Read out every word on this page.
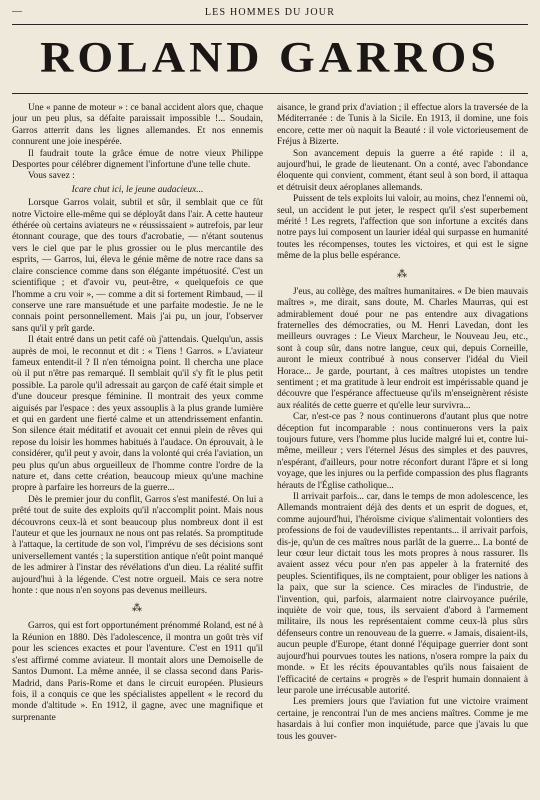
—	LES HOMMES DU JOUR
ROLAND GARROS

Une « panne de moteur » : ce banal accident alors que, chaque jour un peu plus, sa défaite paraissait impossible !... Soudain, Garros atterrit dans les lignes allemandes. Et nos ennemis connurent une joie inespérée.

Il faudrait toute la grâce émue de notre vieux Philippe Desportes pour célébrer dignement l'infortune d'une telle chute.

Vous savez :

Icare chut ici, le jeune audacieux...

Lorsque Garros volait, subtil et sûr, il semblait que ce fût notre Victoire elle-même qui se déployât dans l'air. A cette hauteur éthérée où certains aviateurs ne « réussissaient » autrefois, par leur étonnant courage, que des tours d'acrobatie, — n'étant soutenus vers le ciel que par le plus grossier ou le plus mercantile des esprits, — Garros, lui, éleva le génie même de notre race dans sa claire conscience comme dans son élégante impétuosité. C'est un scientifique ; et d'avoir vu, peut-être, « quelquefois ce que l'homme a cru voir », — comme a dit si fortement Rimbaud, — il conserve une rare mansuétude et une parfaite modestie. Je ne le connais point personnellement. Mais j'ai pu, un jour, l'observer sans qu'il y prît garde.

Il était entré dans un petit café où j'attendais. Quelqu'un, assis auprès de moi, le reconnut et dit : « Tiens ! Garros. » L'aviateur fameux entendit-il ? Il n'en témoigna point. Il chercha une place où il put n'être pas remarqué. Il semblait qu'il s'y fît le plus petit possible. La parole qu'il adressait au garçon de café était simple et d'une douceur presque féminine. Il montrait des yeux comme aiguisés par l'espace : des yeux assouplis à la plus grande lumière et qui en gardent une fierté calme et un attendrissement enfantin. Son silence était méditatif et avouait cet ennui plein de rêves qui repose du loisir les hommes habitués à l'audace. On éprouvait, à le considérer, qu'il peut y avoir, dans la volonté qui créa l'aviation, un peu plus qu'un abus orgueilleux de l'homme contre l'ordre de la nature et, dans cette création, beaucoup mieux qu'une machine propre à parfaire les horreurs de la guerre...

Dès le premier jour du conflit, Garros s'est manifesté. On lui a prêté tout de suite des exploits qu'il n'accomplit point. Mais nous découvrons ceux-là et sont beaucoup plus nombreux dont il est l'auteur et que les journaux ne nous ont pas relatés. Sa promptitude à l'attaque, la certitude de son vol, l'imprévu de ses décisions sont universellement vantés ; la superstition antique n'eût point manqué de les admirer à l'instar des révélations d'un dieu. La réalité suffit aujourd'hui à la légende. C'est notre orgueil. Mais ce sera notre honte : que nous n'en soyons pas devenus meilleurs.

⁂

Garros, qui est fort opportunément prénommé Roland, est né à la Réunion en 1880. Dès l'adolescence, il montra un goût très vif pour les sciences exactes et pour l'aventure. C'est en 1911 qu'il s'est affirmé comme aviateur. Il montait alors une Demoiselle de Santos Dumont. La même année, il se classa second dans Paris-Madrid, dans Paris-Rome et dans le circuit européen. Plusieurs fois, il a conquis ce que les spécialistes appellent « le record du monde d'altitude ». En 1912, il gagne, avec une magnifique et surprenante

aisance, le grand prix d'aviation ; il effectue alors la traversée de la Méditerranée : de Tunis à la Sicile. En 1913, il domine, une fois encore, cette mer où naquit la Beauté : il vole victorieusement de Fréjus à Bizerte.

Son avancement depuis la guerre a été rapide : il a, aujourd'hui, le grade de lieutenant. On a conté, avec l'abondance éloquente qui convient, comment, étant seul à son bord, il attaqua et détruisit deux aéroplanes allemands.

Puissent de tels exploits lui valoir, au moins, chez l'ennemi où, seul, un accident le put jeter, le respect qu'il s'est superbement mérité ! Les regrets, l'affection que son infortune a excités dans notre pays lui composent un laurier idéal qui surpasse en humanité toutes les récompenses, toutes les victoires, et qui est le signe même de la plus belle espérance.

⁂

J'eus, au collège, des maîtres humanitaires. « De bien mauvais maîtres », me dirait, sans doute, M. Charles Maurras, qui est admirablement doué pour ne pas entendre aux divagations fraternelles des démocraties, ou M. Henri Lavedan, dont les meilleurs ouvrages : Le Vieux Marcheur, le Nouveau Jeu, etc., sont à coup sûr, dans notre langue, ceux qui, depuis Corneille, auront le mieux contribué à nous conserver l'idéal du Vieil Horace... Je garde, pourtant, à ces maîtres utopistes un tendre sentiment ; et ma gratitude à leur endroit est impérissable quand je découvre que l'espérance affectueuse qu'ils m'enseignèrent résiste aux réalités de cette guerre et qu'elle leur survivra...

Car, n'est-ce pas ? nous continuerons d'autant plus que notre déception fut incomparable : nous continuerons vers la paix toujours future, vers l'homme plus lucide malgré lui et, contre lui-même, meilleur ; vers l'éternel Jésus des simples et des pauvres, n'espérant, d'ailleurs, pour notre réconfort durant l'âpre et si long voyage, que les injures ou la perfide compassion des plus flagrants hérauts de l'Église catholique...

Il arrivait parfois... car, dans le temps de mon adolescence, les Allemands montraient déjà des dents et un esprit de dogues, et, comme aujourd'hui, l'héroïsme civique s'alimentait volontiers des professions de foi de vaudevillistes repentants... il arrivait parfois, dis-je, qu'un de ces maîtres nous parlât de la guerre... La bonté de leur cœur leur dictait tous les mots propres à nous rassurer. Ils avaient assez vécu pour n'en pas appeler à la fraternité des peuples. Scientifiques, ils ne comptaient, pour obliger les nations à la paix, que sur la science. Ces miracles de l'industrie, de l'invention, qui, parfois, alarmaient notre clairvoyance puérile, inquiète de voir que, tous, ils servaient d'abord à l'armement militaire, ils nous les représentaient comme ceux-là plus sûrs défenseurs contre un renouveau de la guerre. « Jamais, disaient-ils, aucun peuple d'Europe, étant donné l'équipage guerrier dont sont aujourd'hui pourvues toutes les nations, n'osera rompre la paix du monde. » Et les récits épouvantables qu'ils nous faisaient de l'efficacité de certains « progrès » de l'esprit humain donnaient à leur parole une irrécusable autorité.

Les premiers jours que l'aviation fut une victoire vraiment certaine, je rencontrai l'un de mes anciens maîtres. Comme je me hasardais à lui confier mon inquiétude, parce que j'avais lu que tous les gouver-
